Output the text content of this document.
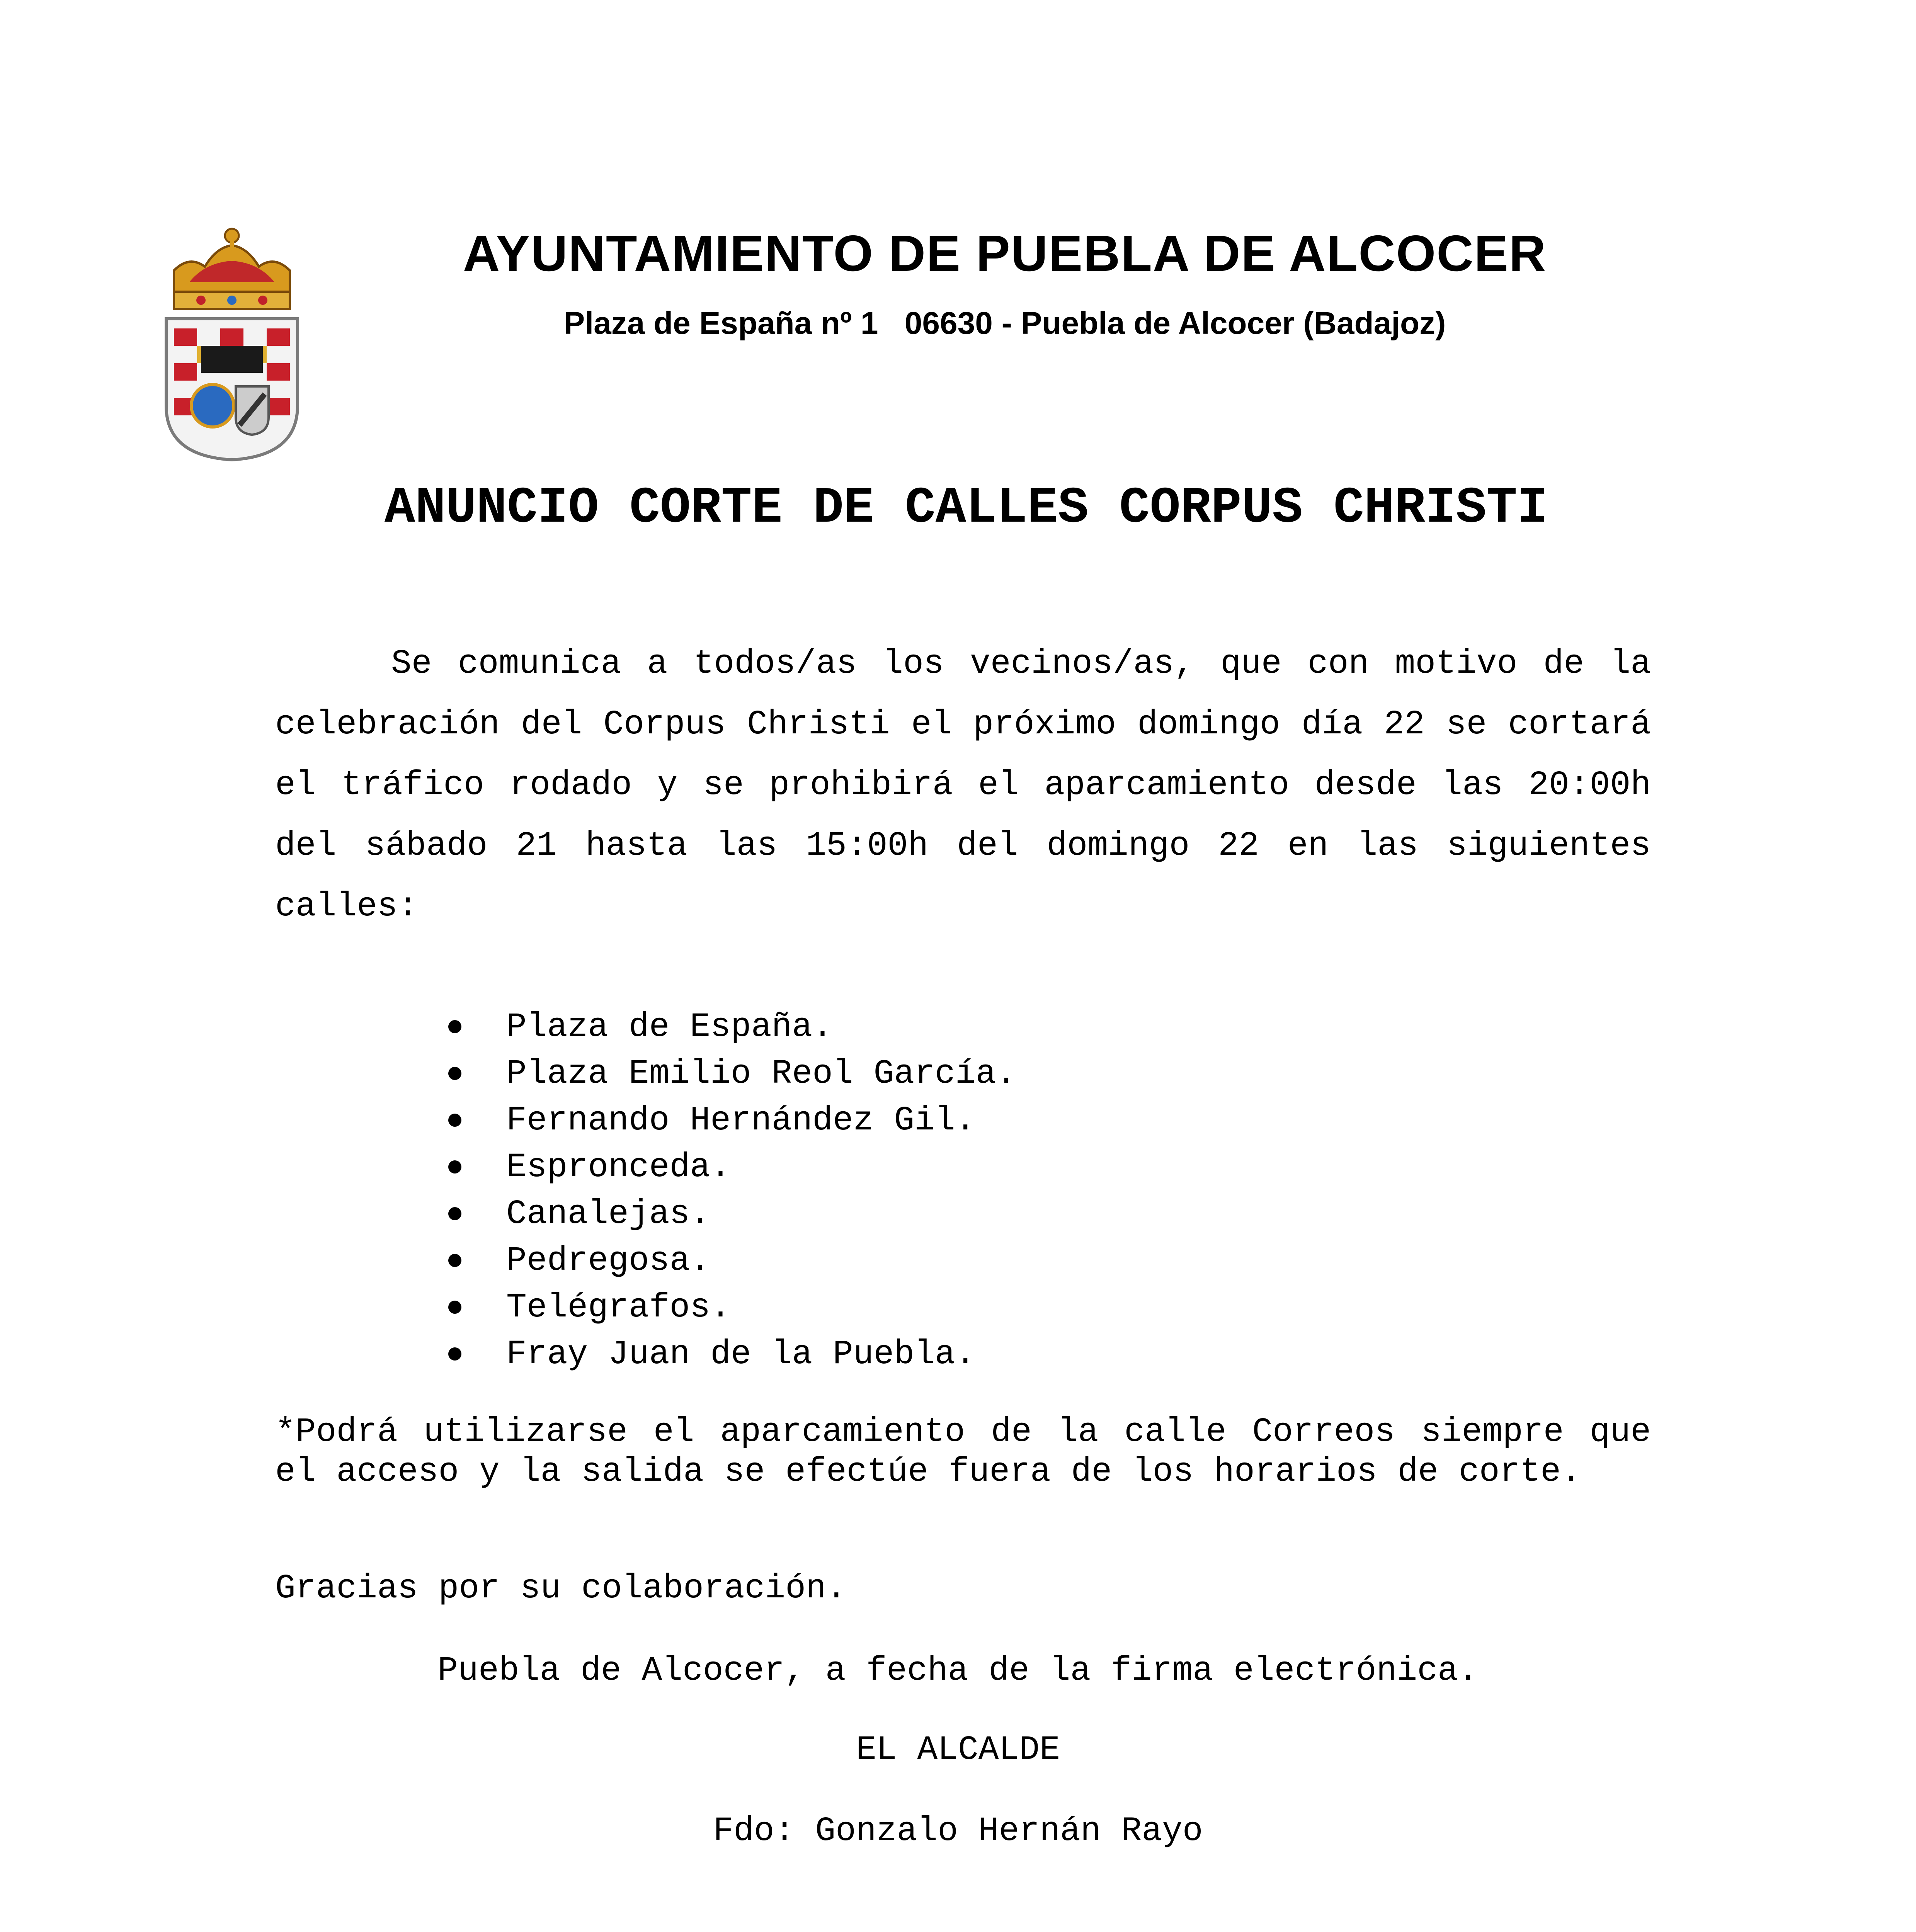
AYUNTAMIENTO DE PUEBLA DE ALCOCER
Plaza de España nº 1   06630 - Puebla de Alcocer (Badajoz)
ANUNCIO CORTE DE CALLES CORPUS CHRISTI

Se comunica a todos/as los vecinos/as, que con motivo de la celebración del Corpus Christi el próximo domingo día 22 se cortará el tráfico rodado y se prohibirá el aparcamiento desde las 20:00h del sábado 21 hasta las 15:00h del domingo 22 en las siguientes calles:

Plaza de España.
Plaza Emilio Reol García.
Fernando Hernández Gil.
Espronceda.
Canalejas.
Pedregosa.
Telégrafos.
Fray Juan de la Puebla.

*Podrá utilizarse el aparcamiento de la calle Correos siempre que el acceso y la salida se efectúe fuera de los horarios de corte.

Gracias por su colaboración.

Puebla de Alcocer, a fecha de la firma electrónica.

EL ALCALDE

Fdo: Gonzalo Hernán Rayo
